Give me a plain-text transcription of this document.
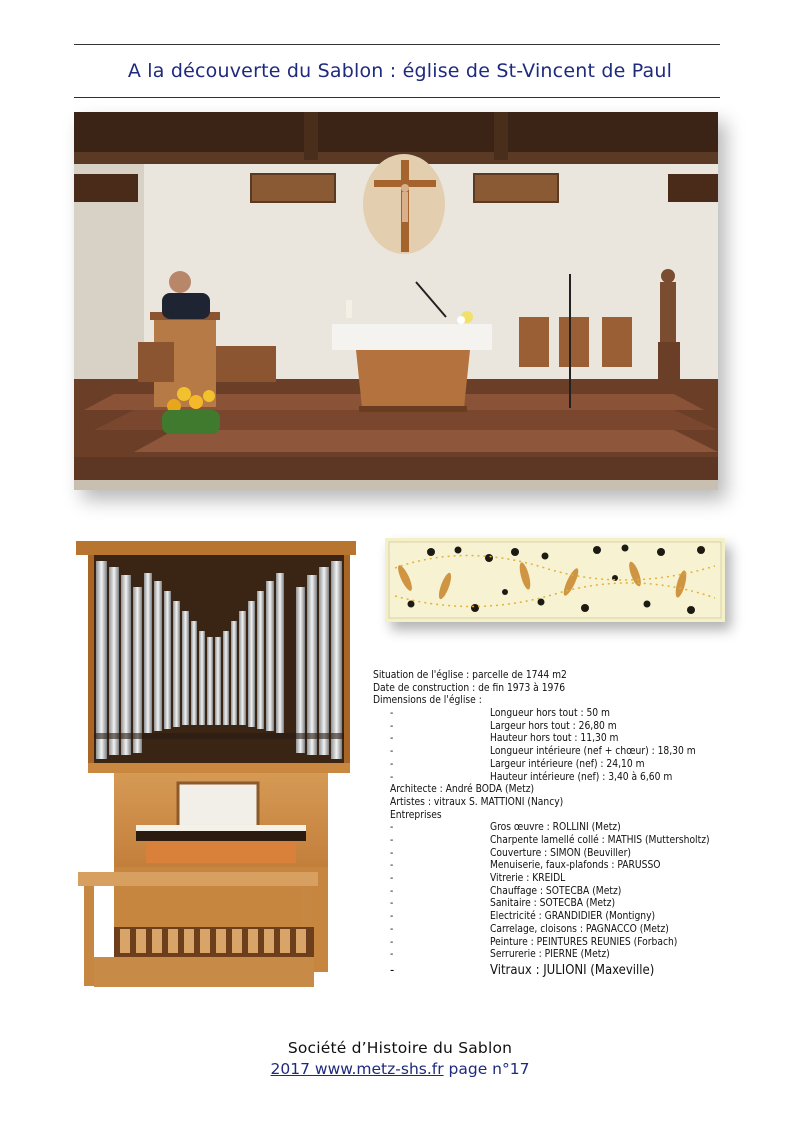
A la découverte du Sablon : église de St-Vincent de Paul
Situation de l'église : parcelle de 1744 m2
Date de construction : de fin 1973 à 1976
Dimensions de l'église :
-	Longueur hors tout : 50 m
-	Largeur hors tout : 26,80 m
-	Hauteur hors tout : 11,30 m
-	Longueur intérieure (nef + chœur) : 18,30 m
-	Largeur intérieure (nef) : 24,10 m
-	Hauteur intérieure (nef) : 3,40 à 6,60 m
Architecte : André BODA (Metz)
Artistes : vitraux S. MATTIONI (Nancy)
Entreprises
-	Gros œuvre : ROLLINI (Metz)
-	Charpente lamellé collé : MATHIS (Muttersholtz)
-	Couverture : SIMON (Beuviller)
-	Menuiserie, faux-plafonds : PARUSSO
-	Vitrerie : KREIDL
-	Chauffage : SOTECBA (Metz)
-	Sanitaire : SOTECBA (Metz)
-	Electricité : GRANDIDIER (Montigny)
-	Carrelage, cloisons : PAGNACCO (Metz)
-	Peinture : PEINTURES REUNIES (Forbach)
-	Serrurerie : PIERNE (Metz)
-	Vitraux : JULIONI (Maxeville)
Société d’Histoire du Sablon
2017 www.metz-shs.fr page n°17
